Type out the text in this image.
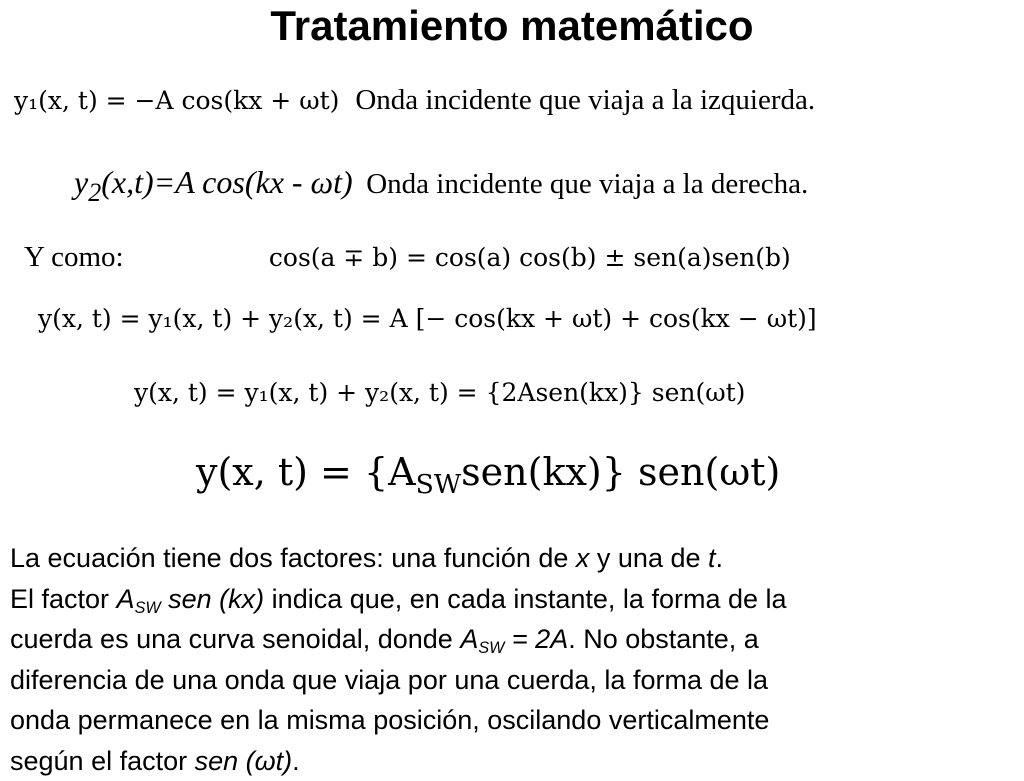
Tratamiento matemático
y₁(x, t) = −A cos(kx + ωt) Onda incidente que viaja a la izquierda.
$y_2(x,t)=A$ cos(kx - ωt) Onda incidente que viaja a la derecha.
Y como:	cos(a ∓ b) = cos(a) cos(b) ± sen(a)sen(b)
y(x, t) = y₁(x, t) + y₂(x, t) = A [− cos(kx + ωt) + cos(kx − ωt)]
y(x, t) = y₁(x, t) + y₂(x, t) = {2Asen(kx)} sen(ωt)
y(x, $t) = \{A_{SW}sen(kx)\}$ sen(ωt)
La ecuación tiene dos factores: una función de x y una de t.
El factor $A_{SW}$ sen (kx) indica que, en cada instante, la forma de la
cuerda es una curva senoidal, donde $A_{SW} = 2A$. No obstante, a
diferencia de una onda que viaja por una cuerda, la forma de la
onda permanece en la misma posición, oscilando verticalmente
según el factor sen (ωt).
